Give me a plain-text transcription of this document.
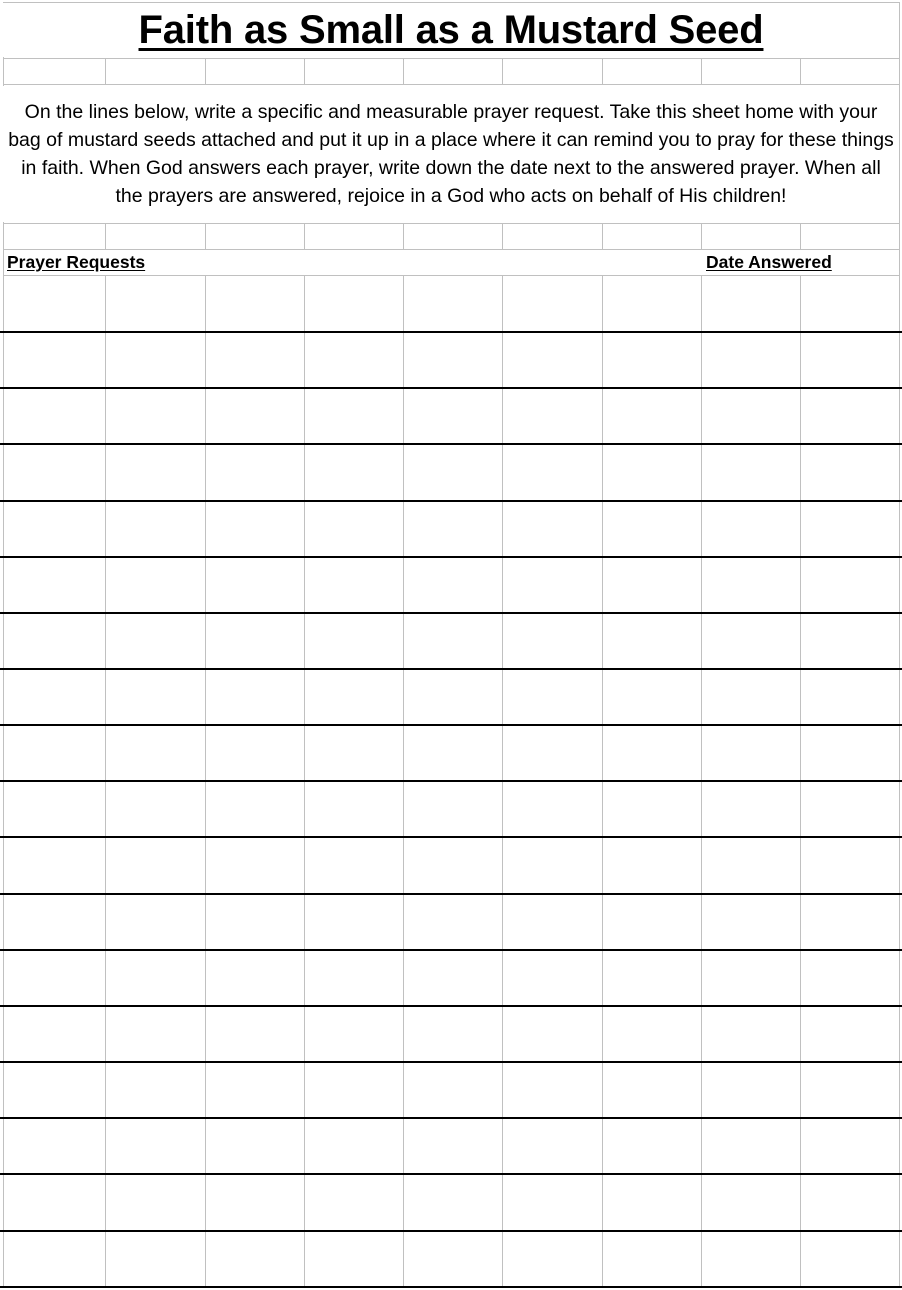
Faith as Small as a Mustard Seed
On the lines below, write a specific and measurable prayer request. Take this sheet home with your bag of mustard seeds attached and put it up in a place where it can remind you to pray for these things in faith. When God answers each prayer, write down the date next to the answered prayer. When all the prayers are answered, rejoice in a God who acts on behalf of His children!
Prayer Requests	Date Answered
